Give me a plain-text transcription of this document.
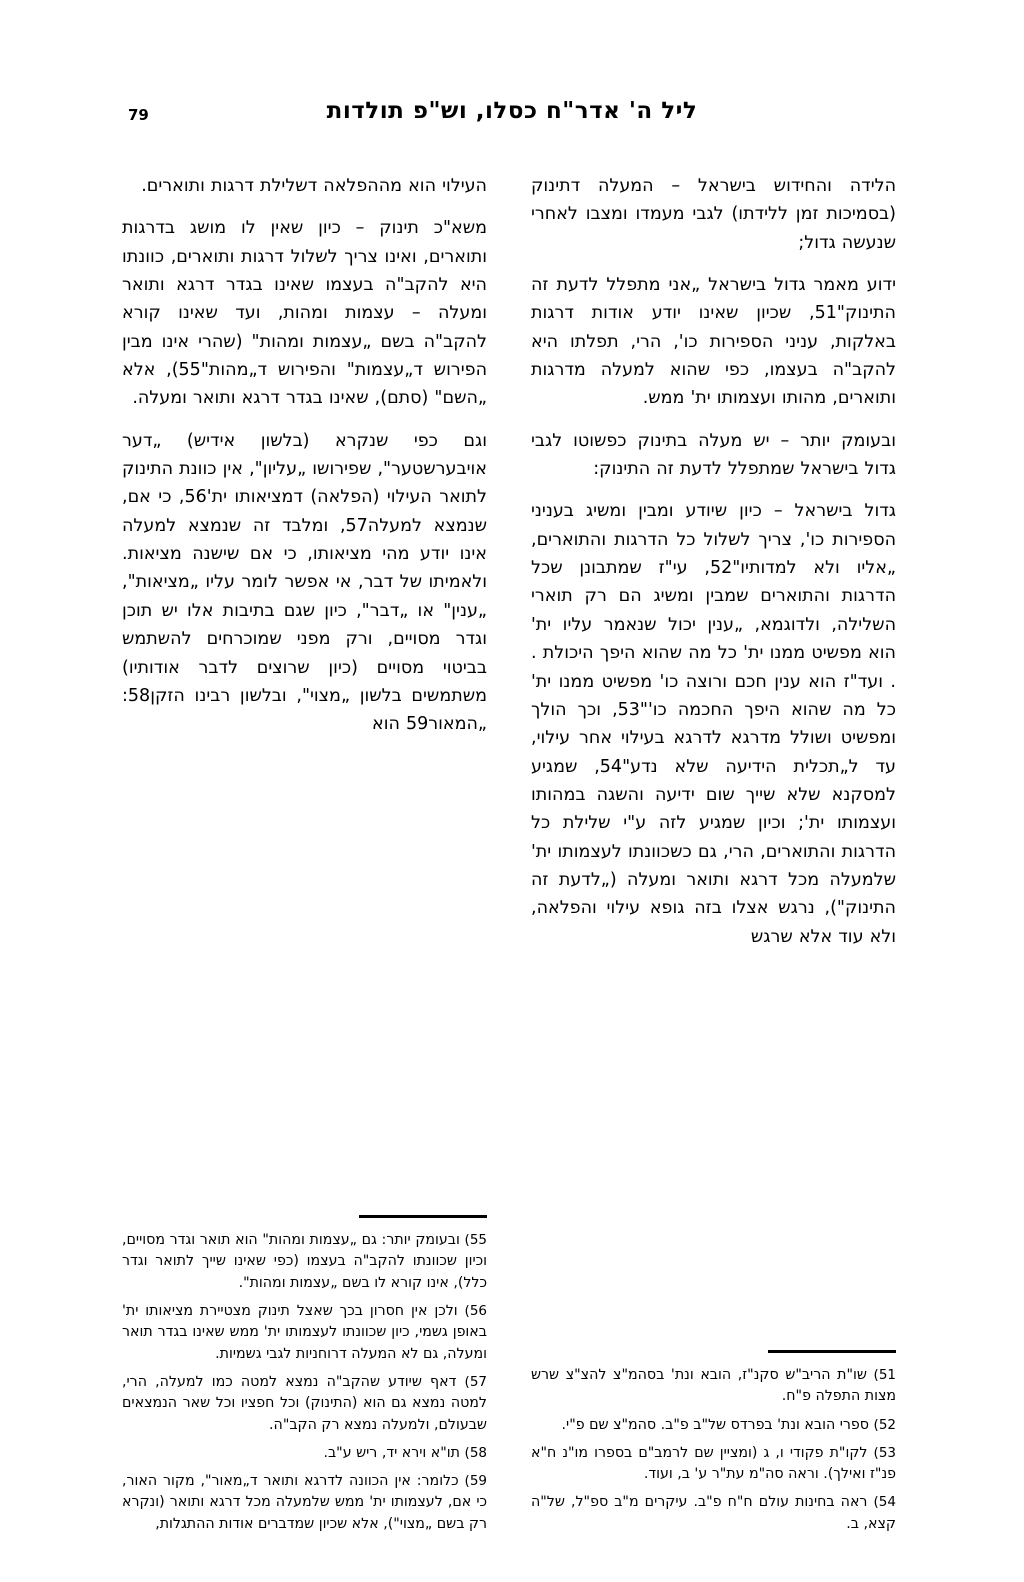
ליל ה' אדר"ח כסלו, וש"פ תולדות
79

הלידה והחידוש בישראל – המעלה דתינוק (בסמיכות זמן ללידתו) לגבי מעמדו ומצבו לאחרי שנעשה גדול;

ידוע מאמר גדול בישראל „אני מתפלל לדעת זה התינוק"51, שכיון שאינו יודע אודות דרגות באלקות, עניני הספירות כו', הרי, תפלתו היא להקב"ה בעצמו, כפי שהוא למעלה מדרגות ותוארים, מהותו ועצמותו ית' ממש.

ובעומק יותר – יש מעלה בתינוק כפשוטו לגבי גדול בישראל שמתפלל לדעת זה התינוק:

גדול בישראל – כיון שיודע ומבין ומשיג בעניני הספירות כו', צריך לשלול כל הדרגות והתוארים, „אליו ולא למדותיו"52, עי"ז שמתבונן שכל הדרגות והתוארים שמבין ומשיג הם רק תוארי השלילה, ולדוגמא, „ענין יכול שנאמר עליו ית' הוא מפשיט ממנו ית' כל מה שהוא היפך היכולת . . ועד"ז הוא ענין חכם ורוצה כו' מפשיט ממנו ית' כל מה שהוא היפך החכמה כו'"53, וכך הולך ומפשיט ושולל מדרגא לדרגא בעילוי אחר עילוי, עד ל„תכלית הידיעה שלא נדע"54, שמגיע למסקנא שלא שייך שום ידיעה והשגה במהותו ועצמותו ית'; וכיון שמגיע לזה ע"י שלילת כל הדרגות והתוארים, הרי, גם כשכוונתו לעצמותו ית' שלמעלה מכל דרגא ותואר ומעלה („לדעת זה התינוק"), נרגש אצלו בזה גופא עילוי והפלאה, ולא עוד אלא שרגש

51) שו"ת הריב"ש סקנ"ז, הובא ונת' בסהמ"צ להצ"צ שרש מצות התפלה פ"ח.

52) ספרי הובא ונת' בפרדס של"ב פ"ב. סהמ"צ שם פ"י.

53) לקו"ת פקודי ו, ג (ומציין שם לרמב"ם בספרו מו"נ ח"א פנ"ז ואילך). וראה סה"מ עת"ר ע' ב, ועוד.

54) ראה בחינות עולם ח"ח פ"ב. עיקרים מ"ב ספ"ל, של"ה קצא, ב.

העילוי הוא מההפלאה דשלילת דרגות ותוארים.

משא"כ תינוק – כיון שאין לו מושג בדרגות ותוארים, ואינו צריך לשלול דרגות ותוארים, כוונתו היא להקב"ה בעצמו שאינו בגדר דרגא ותואר ומעלה – עצמות ומהות, ועד שאינו קורא להקב"ה בשם „עצמות ומהות" (שהרי אינו מבין הפירוש ד„עצמות" והפירוש ד„מהות"55), אלא „השם" (סתם), שאינו בגדר דרגא ותואר ומעלה.

וגם כפי שנקרא (בלשון אידיש) „דער אויבערשטער", שפירושו „עליון", אין כוונת התינוק לתואר העילוי (הפלאה) דמציאותו ית'56, כי אם, שנמצא למעלה57, ומלבד זה שנמצא למעלה אינו יודע מהי מציאותו, כי אם שישנה מציאות. ולאמיתו של דבר, אי אפשר לומר עליו „מציאות", „ענין" או „דבר", כיון שגם בתיבות אלו יש תוכן וגדר מסויים, ורק מפני שמוכרחים להשתמש בביטוי מסויים (כיון שרוצים לדבר אודותיו) משתמשים בלשון „מצוי", ובלשון רבינו הזקן58: „המאור59 הוא

55) ובעומק יותר: גם „עצמות ומהות" הוא תואר וגדר מסויים, וכיון שכוונתו להקב"ה בעצמו (כפי שאינו שייך לתואר וגדר כלל), אינו קורא לו בשם „עצמות ומהות".

56) ולכן אין חסרון בכך שאצל תינוק מצטיירת מציאותו ית' באופן גשמי, כיון שכוונתו לעצמותו ית' ממש שאינו בגדר תואר ומעלה, גם לא המעלה דרוחניות לגבי גשמיות.

57) דאף שיודע שהקב"ה נמצא למטה כמו למעלה, הרי, למטה נמצא גם הוא (התינוק) וכל חפציו וכל שאר הנמצאים שבעולם, ולמעלה נמצא רק הקב"ה.

58) תו"א וירא יד, ריש ע"ב.

59) כלומר: אין הכוונה לדרגא ותואר ד„מאור", מקור האור, כי אם, לעצמותו ית' ממש שלמעלה מכל דרגא ותואר (ונקרא רק בשם „מצוי"), אלא שכיון שמדברים אודות ההתגלות,
